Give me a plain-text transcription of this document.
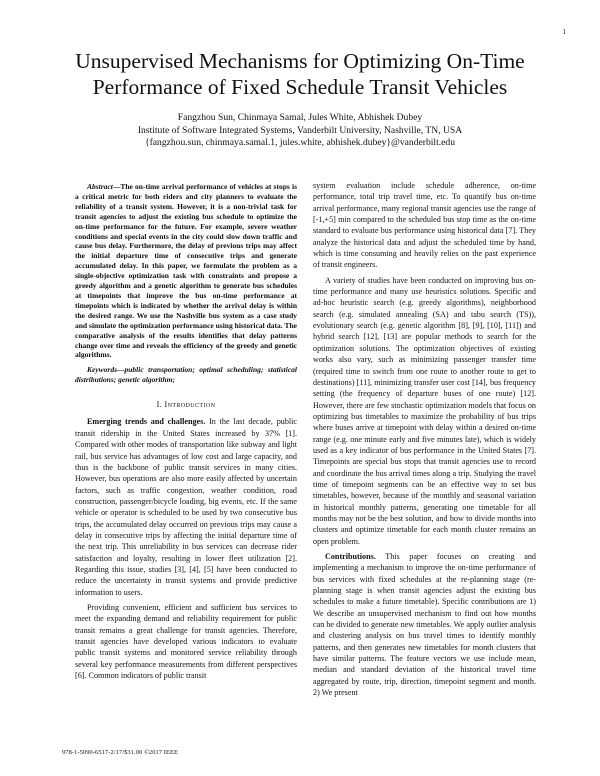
1
Unsupervised Mechanisms for Optimizing On-Time
Performance of Fixed Schedule Transit Vehicles
Fangzhou Sun, Chinmaya Samal, Jules White, Abhishek Dubey
Institute of Software Integrated Systems, Vanderbilt University, Nashville, TN, USA
{fangzhou.sun, chinmaya.samal.1, jules.white, abhishek.dubey}@vanderbilt.edu

Abstract—The on-time arrival performance of vehicles at stops is a critical metric for both riders and city planners to evaluate the reliability of a transit system. However, it is a non-trivial task for transit agencies to adjust the existing bus schedule to optimize the on-time performance for the future. For example, severe weather conditions and special events in the city could slow down traffic and cause bus delay. Furthermore, the delay of previous trips may affect the initial departure time of consecutive trips and generate accumulated delay. In this paper, we formulate the problem as a single-objective optimization task with constraints and propose a greedy algorithm and a genetic algorithm to generate bus schedules at timepoints that improve the bus on-time performance at timepoints which is indicated by whether the arrival delay is within the desired range. We use the Nashville bus system as a case study and simulate the optimization performance using historical data. The comparative analysis of the results identifies that delay patterns change over time and reveals the efficiency of the greedy and genetic algorithms.

Keywords—public transportation; optimal scheduling; statistical distributions; genetic algorithm;

I. Introduction

Emerging trends and challenges. In the last decade, public transit ridership in the United States increased by 37% [1]. Compared with other modes of transportation like subway and light rail, bus service has advantages of low cost and large capacity, and thus is the backbone of public transit services in many cities. However, bus operations are also more easily affected by uncertain factors, such as traffic congestion, weather condition, road construction, passenger/bicycle loading, big events, etc. If the same vehicle or operator is scheduled to be used by two consecutive bus trips, the accumulated delay occurred on previous trips may cause a delay in consecutive trips by affecting the initial departure time of the next trip. This unreliability in bus services can decrease rider satisfaction and loyalty, resulting in lower fleet utilization [2]. Regarding this issue, studies [3], [4], [5] have been conducted to reduce the uncertainty in transit systems and provide predictive information to users.

Providing convenient, efficient and sufficient bus services to meet the expanding demand and reliability requirement for public transit remains a great challenge for transit agencies. Therefore, transit agencies have developed various indicators to evaluate public transit systems and monitored service reliability through several key performance measurements from different perspectives [6]. Common indicators of public transit

system evaluation include schedule adherence, on-time performance, total trip travel time, etc. To quantify bus on-time arrival performance, many regional transit agencies use the range of [-1,+5] min compared to the scheduled bus stop time as the on-time standard to evaluate bus performance using historical data [7]. They analyze the historical data and adjust the scheduled time by hand, which is time consuming and heavily relies on the past experience of transit engineers.

A variety of studies have been conducted on improving bus on-time performance and many use heuristics solutions. Specific and ad-hoc heuristic search (e.g. greedy algorithms), neighborhood search (e.g. simulated annealing (SA) and tabu search (TS)), evolutionary search (e.g. genetic algorithm [8], [9], [10], [11]) and hybrid search [12], [13] are popular methods to search for the optimization solutions. The optimization objectives of existing works also vary, such as minimizing passenger transfer time (required time to switch from one route to another route to get to destinations) [11], minimizing transfer user cost [14], bus frequency setting (the frequency of departure buses of one route) [12]. However, there are few stochastic optimization models that focus on optimizing bus timetables to maximize the probability of bus trips where buses arrive at timepoint with delay within a desired on-time range (e.g. one minute early and five minutes late), which is widely used as a key indicator of bus performance in the United States [7]. Timepoints are special bus stops that transit agencies use to record and coordinate the bus arrival times along a trip. Studying the travel time of timepoint segments can be an effective way to set bus timetables, however, because of the monthly and seasonal variation in historical monthly patterns, generating one timetable for all months may not be the best solution, and how to divide months into clusters and optimize timetable for each month cluster remains an open problem.

Contributions. This paper focuses on creating and implementing a mechanism to improve the on-time performance of bus services with fixed schedules at the re-planning stage (re-planning stage is when transit agencies adjust the existing bus schedules to make a future timetable). Specific contributions are 1) We describe an unsupervised mechanism to find out how months can be divided to generate new timetables. We apply outlier analysis and clustering analysis on bus travel times to identify monthly patterns, and then generates new timetables for month clusters that have similar patterns. The feature vectors we use include mean, median and standard deviation of the historical travel time aggregated by route, trip, direction, timepoint segment and month. 2) We present

978-1-5090-6517-2/17/$31.00 ©2017 IEEE
